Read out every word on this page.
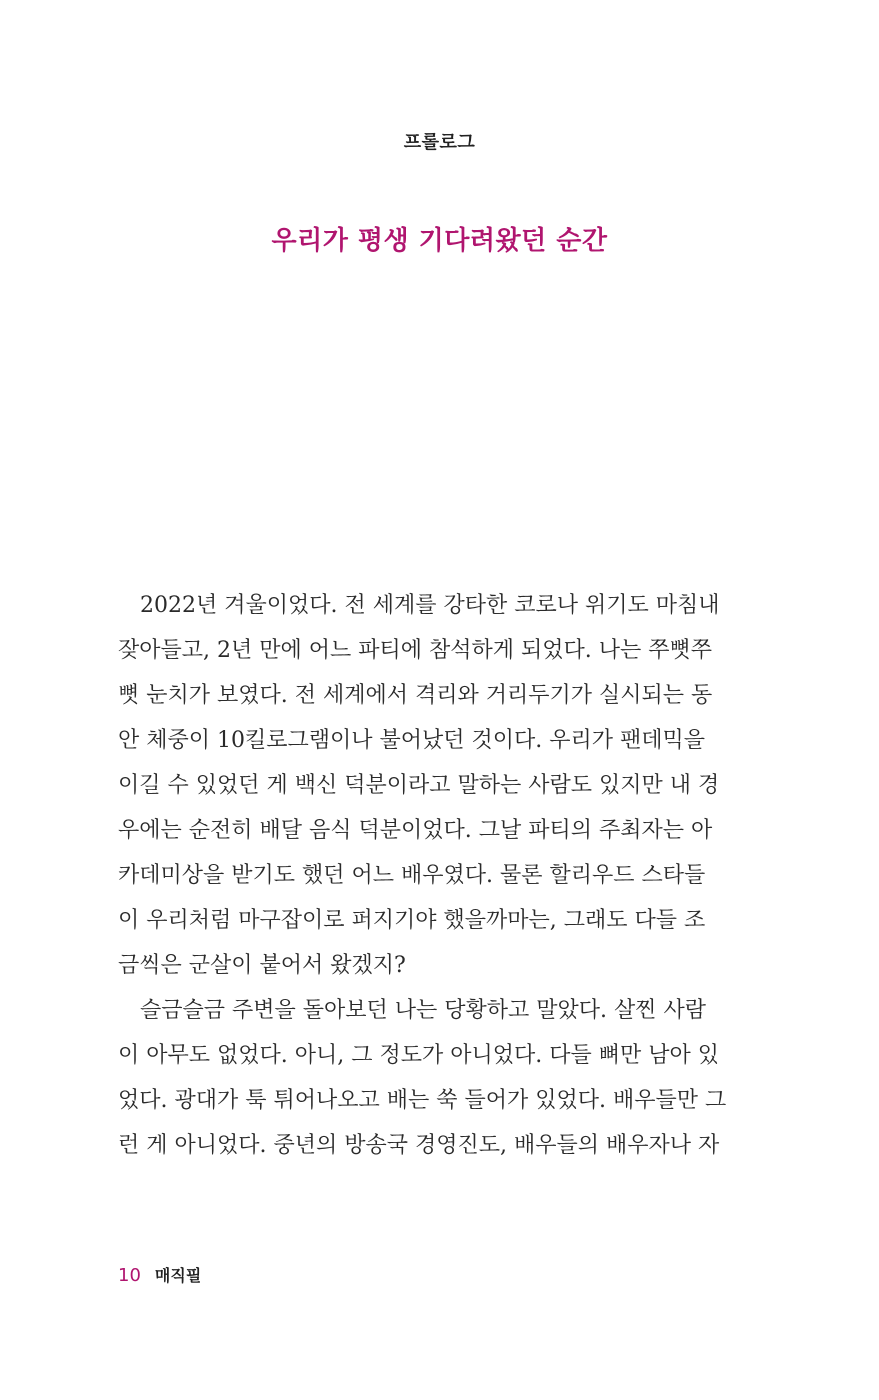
프롤로그
우리가 평생 기다려왔던 순간
　2022년 겨울이었다. 전 세계를 강타한 코로나 위기도 마침내
잦아들고, 2년 만에 어느 파티에 참석하게 되었다. 나는 쭈뼛쭈
뼛 눈치가 보였다. 전 세계에서 격리와 거리두기가 실시되는 동
안 체중이 10킬로그램이나 불어났던 것이다. 우리가 팬데믹을
이길 수 있었던 게 백신 덕분이라고 말하는 사람도 있지만 내 경
우에는 순전히 배달 음식 덕분이었다. 그날 파티의 주최자는 아
카데미상을 받기도 했던 어느 배우였다. 물론 할리우드 스타들
이 우리처럼 마구잡이로 퍼지기야 했을까마는, 그래도 다들 조
금씩은 군살이 붙어서 왔겠지?
　슬금슬금 주변을 돌아보던 나는 당황하고 말았다. 살찐 사람
이 아무도 없었다. 아니, 그 정도가 아니었다. 다들 뼈만 남아 있
었다. 광대가 툭 튀어나오고 배는 쑥 들어가 있었다. 배우들만 그
런 게 아니었다. 중년의 방송국 경영진도, 배우들의 배우자나 자
10 매직필
